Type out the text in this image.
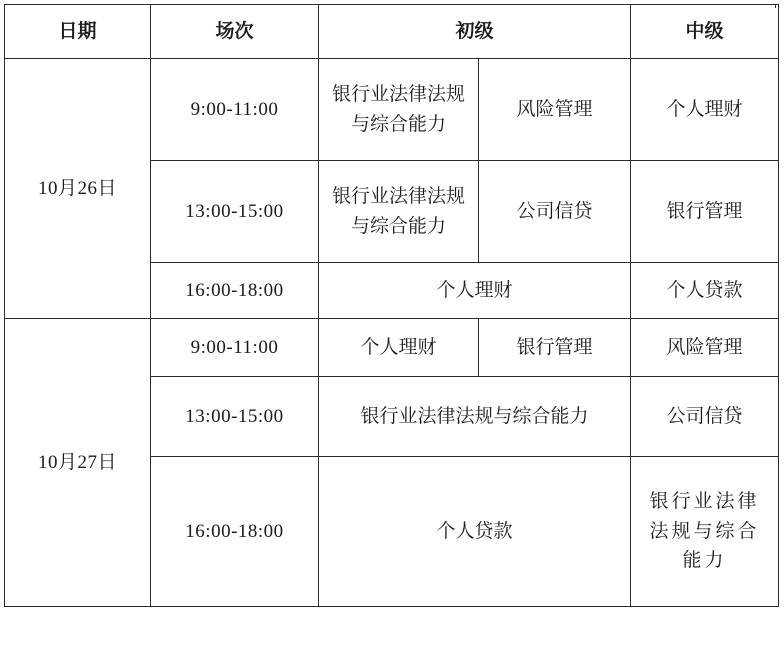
日期	场次	初级		中级
10月26日	9:00-11:00	银行业法律法规与综合能力	风险管理	个人理财
	13:00-15:00	银行业法律法规与综合能力	公司信贷	银行管理
	16:00-18:00	个人理财		个人贷款
10月27日	9:00-11:00	个人理财	银行管理	风险管理
	13:00-15:00	银行业法律法规与综合能力		公司信贷
	16:00-18:00	个人贷款		银行业法律法规与综合能力
